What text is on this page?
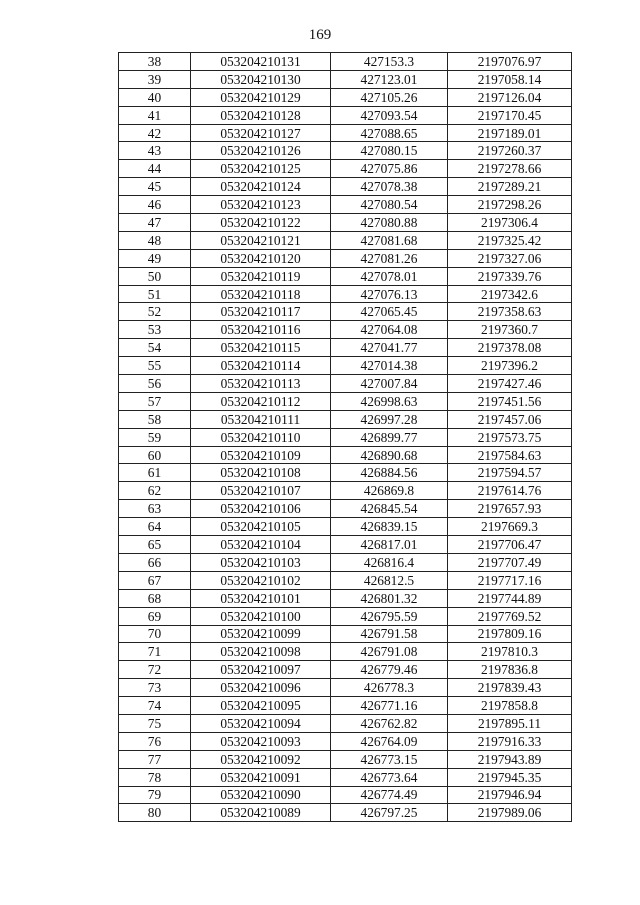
169
38	053204210131	427153.3	2197076.97
39	053204210130	427123.01	2197058.14
40	053204210129	427105.26	2197126.04
41	053204210128	427093.54	2197170.45
42	053204210127	427088.65	2197189.01
43	053204210126	427080.15	2197260.37
44	053204210125	427075.86	2197278.66
45	053204210124	427078.38	2197289.21
46	053204210123	427080.54	2197298.26
47	053204210122	427080.88	2197306.4
48	053204210121	427081.68	2197325.42
49	053204210120	427081.26	2197327.06
50	053204210119	427078.01	2197339.76
51	053204210118	427076.13	2197342.6
52	053204210117	427065.45	2197358.63
53	053204210116	427064.08	2197360.7
54	053204210115	427041.77	2197378.08
55	053204210114	427014.38	2197396.2
56	053204210113	427007.84	2197427.46
57	053204210112	426998.63	2197451.56
58	053204210111	426997.28	2197457.06
59	053204210110	426899.77	2197573.75
60	053204210109	426890.68	2197584.63
61	053204210108	426884.56	2197594.57
62	053204210107	426869.8	2197614.76
63	053204210106	426845.54	2197657.93
64	053204210105	426839.15	2197669.3
65	053204210104	426817.01	2197706.47
66	053204210103	426816.4	2197707.49
67	053204210102	426812.5	2197717.16
68	053204210101	426801.32	2197744.89
69	053204210100	426795.59	2197769.52
70	053204210099	426791.58	2197809.16
71	053204210098	426791.08	2197810.3
72	053204210097	426779.46	2197836.8
73	053204210096	426778.3	2197839.43
74	053204210095	426771.16	2197858.8
75	053204210094	426762.82	2197895.11
76	053204210093	426764.09	2197916.33
77	053204210092	426773.15	2197943.89
78	053204210091	426773.64	2197945.35
79	053204210090	426774.49	2197946.94
80	053204210089	426797.25	2197989.06
